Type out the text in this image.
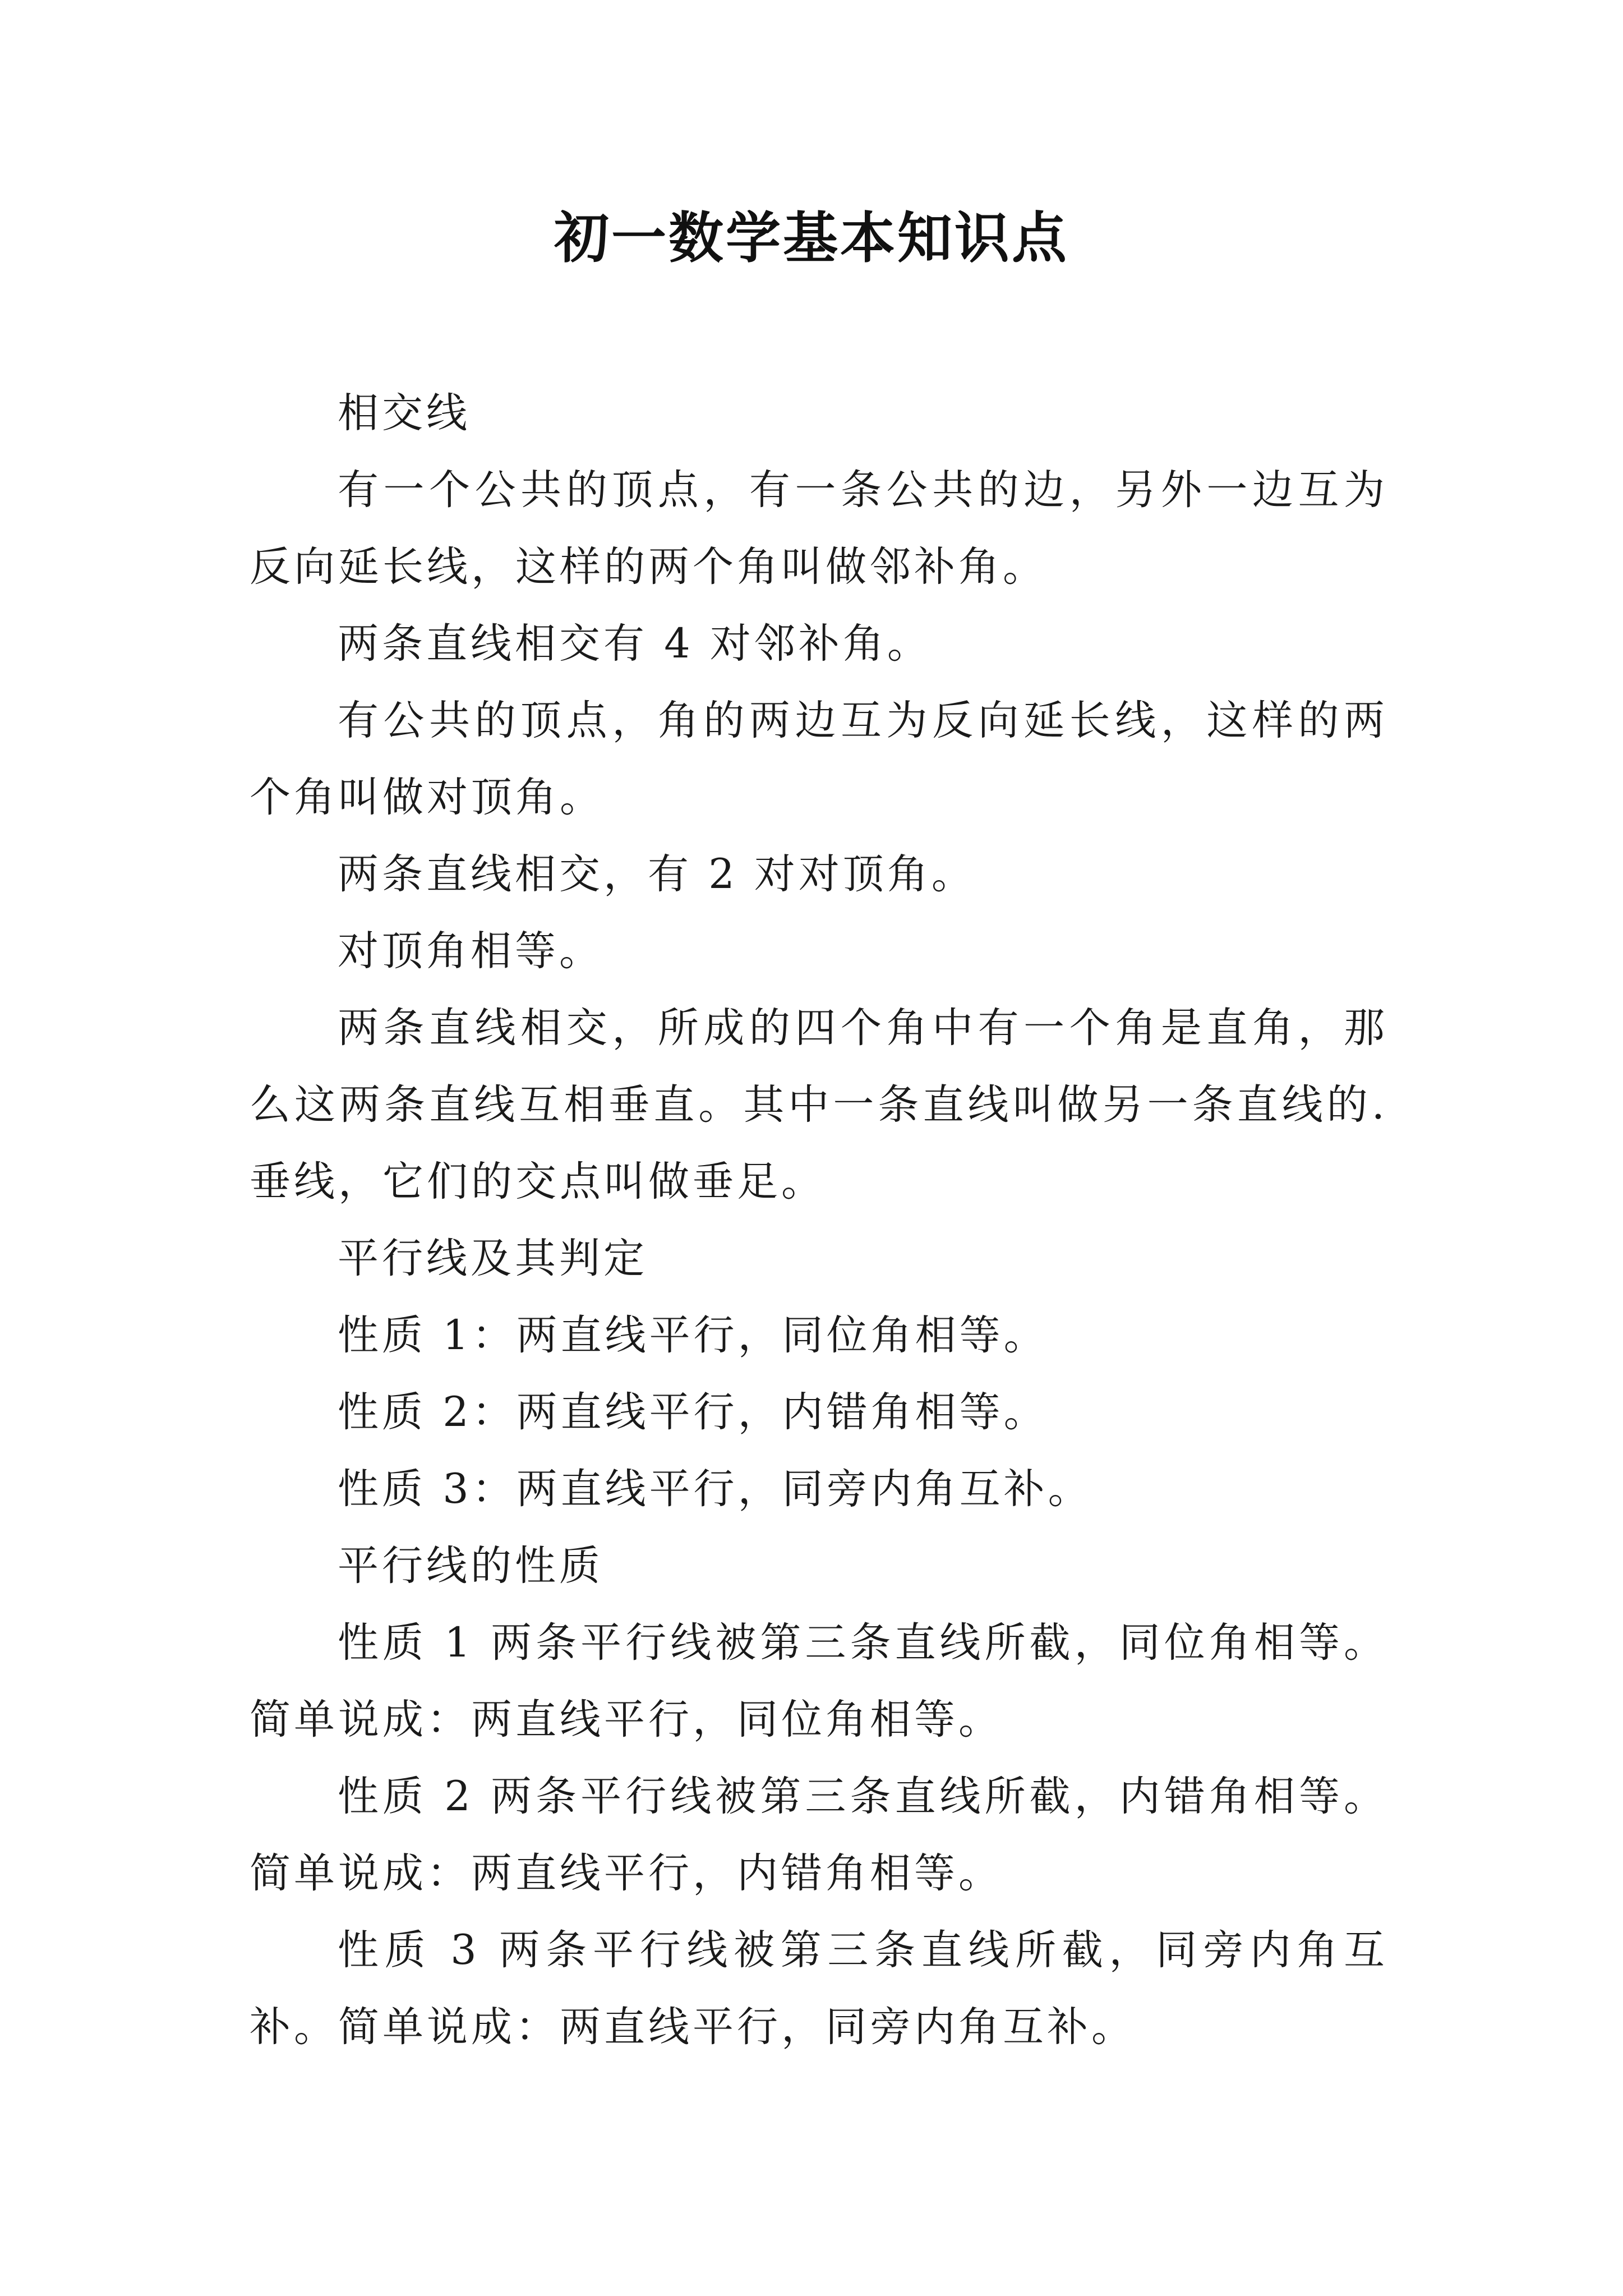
初一数学基本知识点

相交线

有一个公共的顶点，有一条公共的边，另外一边互为反向延长线，这样的两个角叫做邻补角。

两条直线相交有 4 对邻补角。

有公共的顶点，角的两边互为反向延长线，这样的两个角叫做对顶角。

两条直线相交，有 2 对对顶角。

对顶角相等。

两条直线相交，所成的四个角中有一个角是直角，那么这两条直线互相垂直。其中一条直线叫做另一条直线的.垂线，它们的交点叫做垂足。

平行线及其判定

性质 1：两直线平行，同位角相等。

性质 2：两直线平行，内错角相等。

性质 3：两直线平行，同旁内角互补。

平行线的性质

性质 1 两条平行线被第三条直线所截，同位角相等。简单说成：两直线平行，同位角相等。

性质 2 两条平行线被第三条直线所截，内错角相等。简单说成：两直线平行，内错角相等。

性质 3 两条平行线被第三条直线所截，同旁内角互补。简单说成：两直线平行，同旁内角互补。
